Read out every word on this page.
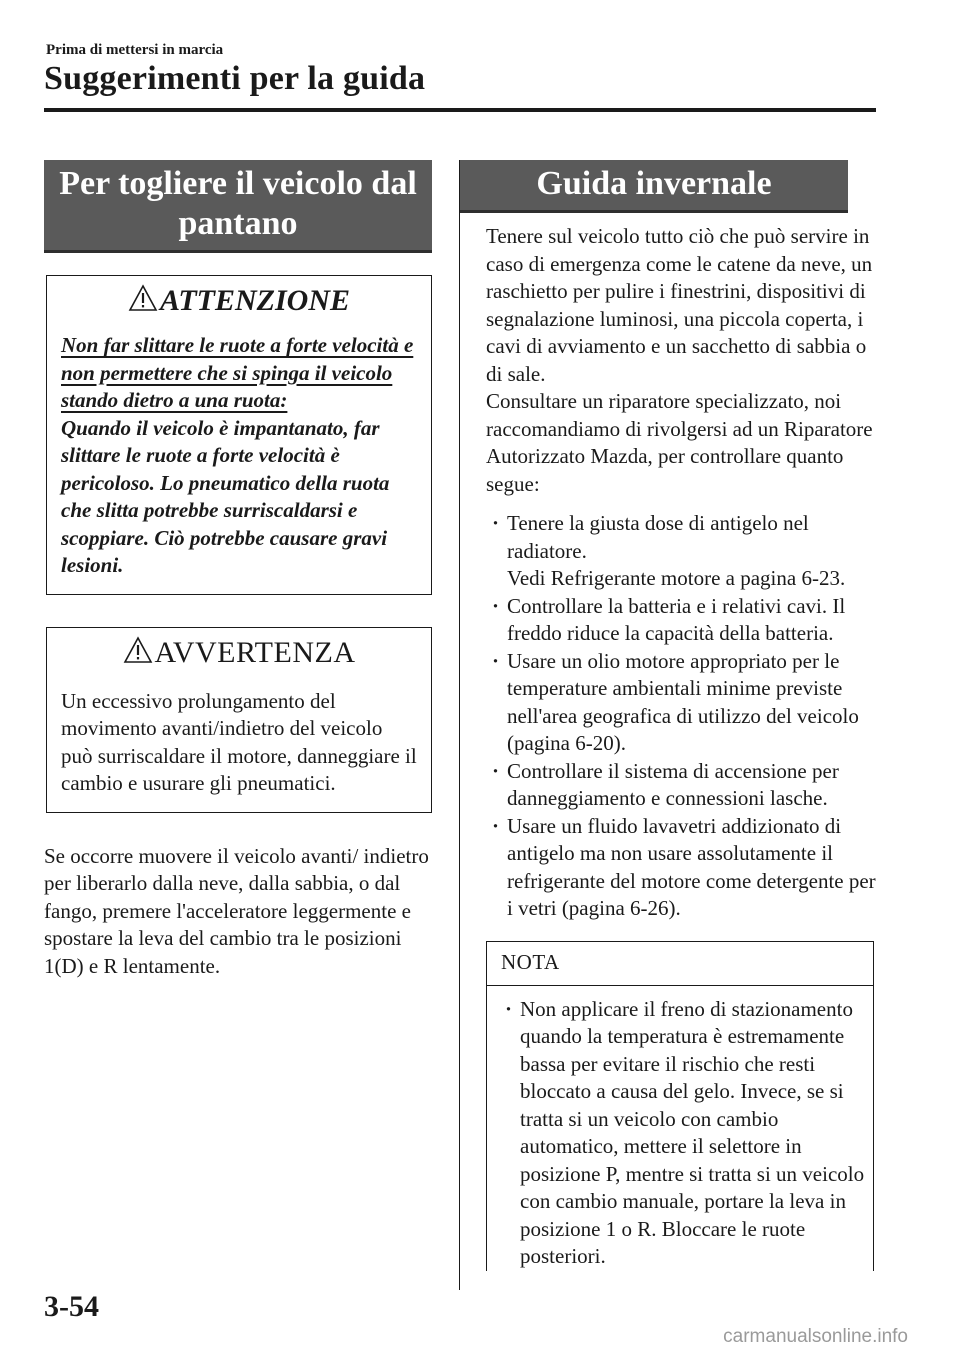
Prima di mettersi in marcia
Suggerimenti per la guida
Per togliere il veicolo dal pantano
ATTENZIONE
Non far slittare le ruote a forte velocità e non permettere che si spinga il veicolo stando dietro a una ruota:
Quando il veicolo è impantanato, far slittare le ruote a forte velocità è pericoloso. Lo pneumatico della ruota che slitta potrebbe surriscaldarsi e scoppiare. Ciò potrebbe causare gravi lesioni.
AVVERTENZA
Un eccessivo prolungamento del movimento avanti/indietro del veicolo può surriscaldare il motore, danneggiare il cambio e usurare gli pneumatici.

Se occorre muovere il veicolo avanti/ indietro per liberarlo dalla neve, dalla sabbia, o dal fango, premere l'acceleratore leggermente e spostare la leva del cambio tra le posizioni 1(D) e R lentamente.

Guida invernale

Tenere sul veicolo tutto ciò che può servire in caso di emergenza come le catene da neve, un raschietto per pulire i finestrini, dispositivi di segnalazione luminosi, una piccola coperta, i cavi di avviamento e un sacchetto di sabbia o di sale.

Consultare un riparatore specializzato, noi raccomandiamo di rivolgersi ad un Riparatore Autorizzato Mazda, per controllare quanto segue:

· Tenere la giusta dose di antigelo nel radiatore.
Vedi Refrigerante motore a pagina 6-23.
· Controllare la batteria e i relativi cavi. Il freddo riduce la capacità della batteria.
· Usare un olio motore appropriato per le temperature ambientali minime previste nell'area geografica di utilizzo del veicolo (pagina 6-20).
· Controllare il sistema di accensione per danneggiamento e connessioni lasche.
· Usare un fluido lavavetri addizionato di antigelo ma non usare assolutamente il refrigerante del motore come detergente per i vetri (pagina 6-26).
NOTA
· Non applicare il freno di stazionamento quando la temperatura è estremamente bassa per evitare il rischio che resti bloccato a causa del gelo. Invece, se si tratta si un veicolo con cambio automatico, mettere il selettore in posizione P, mentre si tratta si un veicolo con cambio manuale, portare la leva in posizione 1 o R. Bloccare le ruote posteriori.
3-54
carmanualsonline.info
